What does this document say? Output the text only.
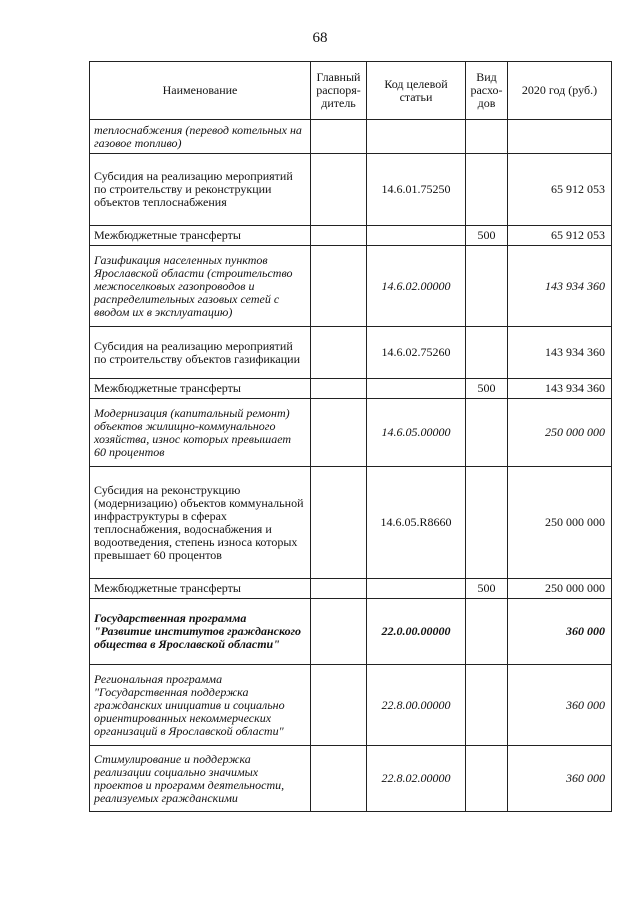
68
Наименование	Главный распоря-дитель	Код целевой статьи	Вид расхо-дов	2020 год (руб.)
теплоснабжения (перевод котельных на газовое топливо)				
Субсидия на реализацию мероприятий по строительству и реконструкции объектов теплоснабжения		14.6.01.75250		65 912 053
Межбюджетные трансферты			500	65 912 053
Газификация населенных пунктов Ярославской области (строительство межпоселковых газопроводов и распределительных газовых сетей с вводом их в эксплуатацию)		14.6.02.00000		143 934 360
Субсидия на реализацию мероприятий по строительству объектов газификации		14.6.02.75260		143 934 360
Межбюджетные трансферты			500	143 934 360
Модернизация (капитальный ремонт) объектов жилищно-коммунального хозяйства, износ которых превышает 60 процентов		14.6.05.00000		250 000 000
Субсидия на реконструкцию (модернизацию) объектов коммунальной инфраструктуры в сферах теплоснабжения, водоснабжения и водоотведения, степень износа которых превышает 60 процентов		14.6.05.R8660		250 000 000
Межбюджетные трансферты			500	250 000 000
Государственная программа "Развитие институтов гражданского общества в Ярославской области"		22.0.00.00000		360 000
Региональная программа "Государственная поддержка гражданских инициатив и социально ориентированных некоммерческих организаций в Ярославской области"		22.8.00.00000		360 000
Стимулирование и поддержка реализации социально значимых проектов и программ деятельности, реализуемых гражданскими		22.8.02.00000		360 000
